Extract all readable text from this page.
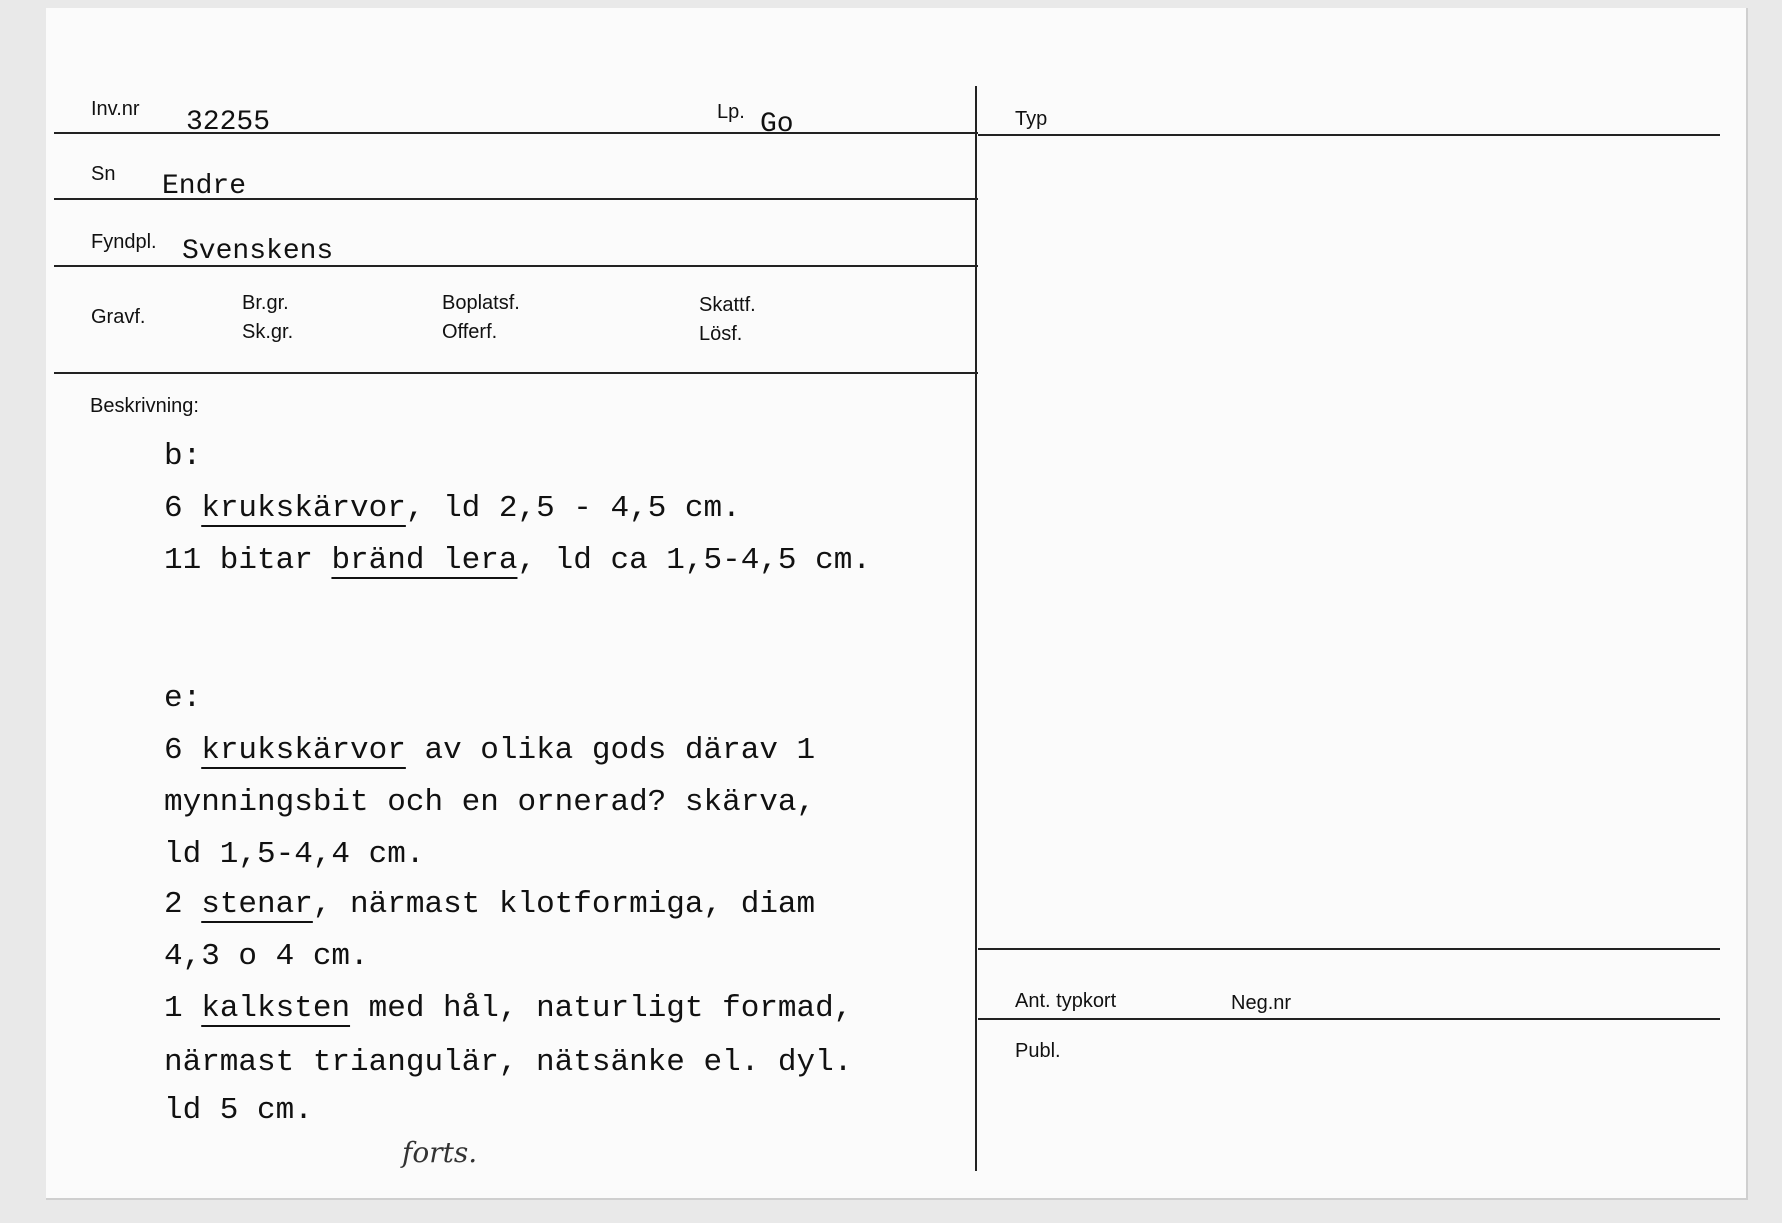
Inv.nr 32255	Lp. Go
Sn Endre
Fyndpl. Svenskens
Gravf.
Br.gr.
Sk.gr.
Boplatsf.
Offerf.
Skattf.
Lösf.
Beskrivning:
Typ
Ant. typkort	Neg.nr
Publ.
b:
6 krukskärvor, ld 2,5 - 4,5 cm.
11 bitar bränd lera, ld ca 1,5-4,5 cm.
e:
6 krukskärvor av olika gods därav 1
mynningsbit och en ornerad? skärva,
ld 1,5-4,4 cm.
2 stenar, närmast klotformiga, diam
4,3 o 4 cm.
1 kalksten med hål, naturligt formad,
närmast triangulär, nätsänke el. dyl.
ld 5 cm.
forts.
